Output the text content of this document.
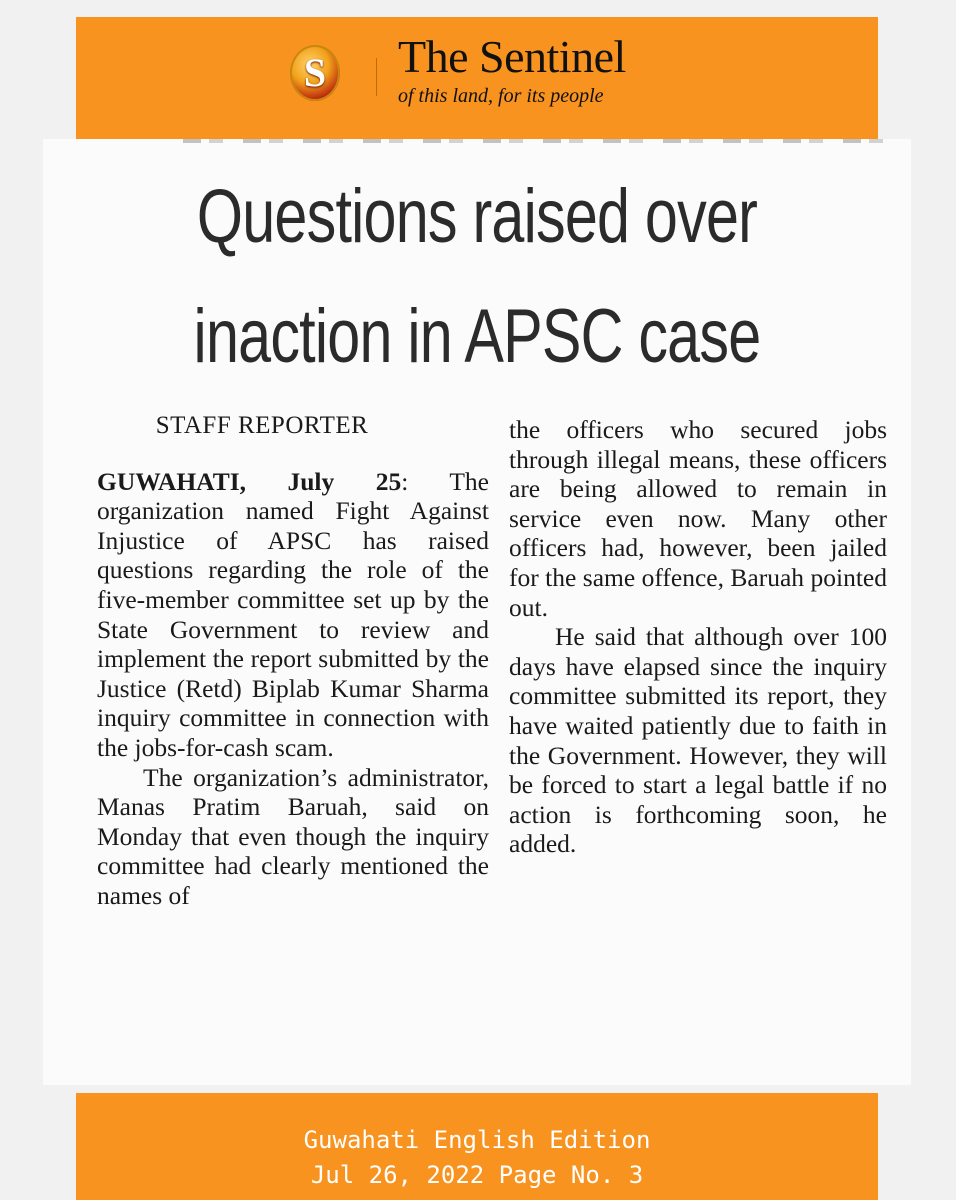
S	The Sentinel
of this land, for its people
Questions raised over
inaction in APSC case
STAFF REPORTER

GUWAHATI, July 25: The organization named Fight Against Injustice of APSC has raised questions regarding the role of the five-member committee set up by the State Government to review and implement the report submitted by the Justice (Retd) Biplab Kumar Sharma inquiry committee in connection with the jobs-for-cash scam.

The organization’s administrator, Manas Pratim Baruah, said on Monday that even though the inquiry committee had clearly mentioned the names of

the officers who secured jobs through illegal means, these officers are being allowed to remain in service even now. Many other officers had, however, been jailed for the same offence, Baruah pointed out.

He said that although over 100 days have elapsed since the inquiry committee submitted its report, they have waited patiently due to faith in the Government. However, they will be forced to start a legal battle if no action is forthcoming soon, he added.

Guwahati English Edition
Jul 26, 2022 Page No. 3
